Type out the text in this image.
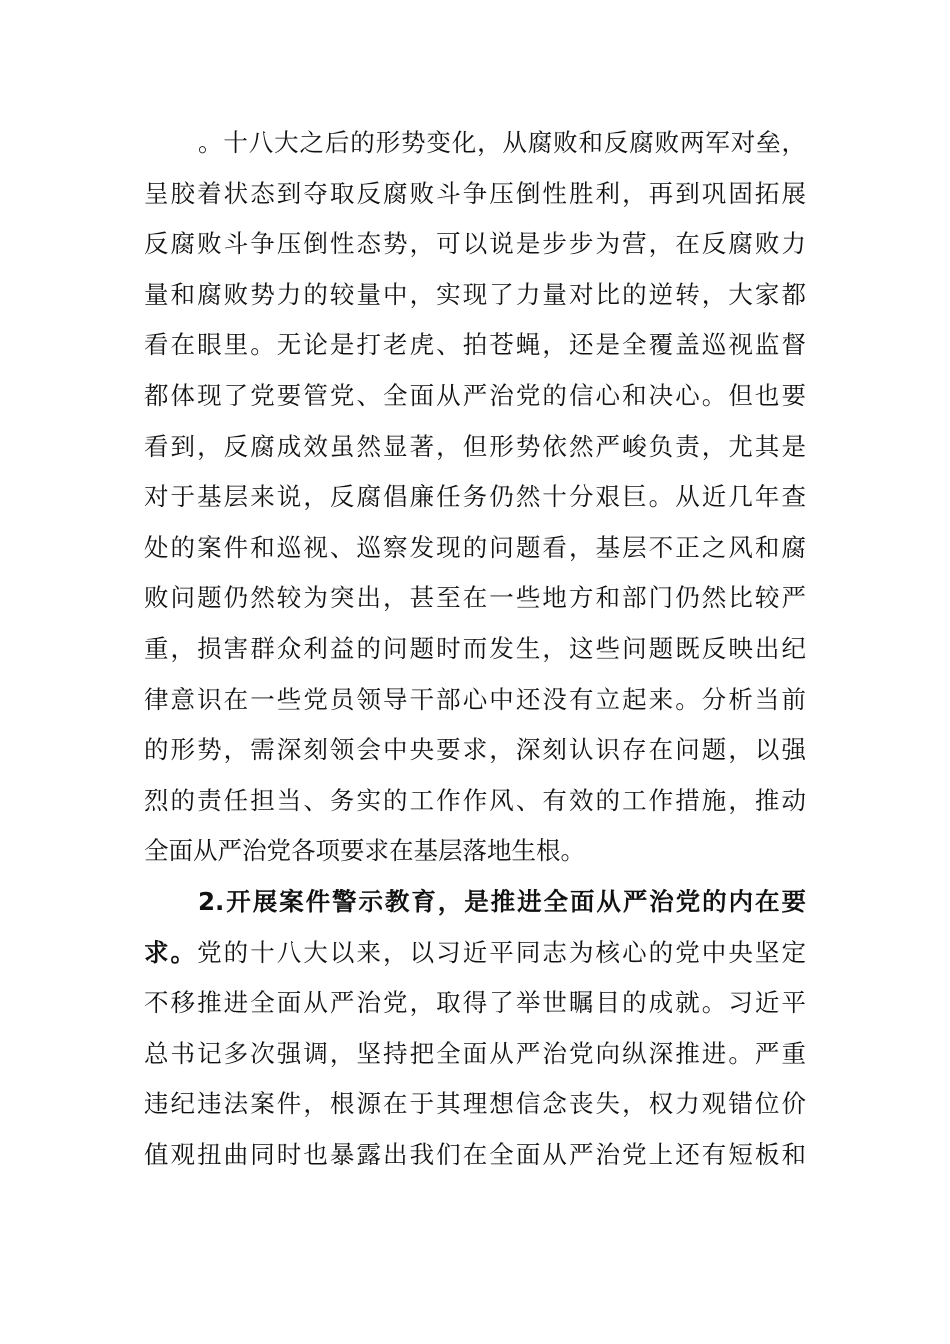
。十八大之后的形势变化，从腐败和反腐败两军对垒，
呈胶着状态到夺取反腐败斗争压倒性胜利，再到巩固拓展
反腐败斗争压倒性态势，可以说是步步为营，在反腐败力
量和腐败势力的较量中，实现了力量对比的逆转，大家都
看在眼里。无论是打老虎、拍苍蝇，还是全覆盖巡视监督
都体现了党要管党、全面从严治党的信心和决心。但也要
看到，反腐成效虽然显著，但形势依然严峻负责，尤其是
对于基层来说，反腐倡廉任务仍然十分艰巨。从近几年查
处的案件和巡视、巡察发现的问题看，基层不正之风和腐
败问题仍然较为突出，甚至在一些地方和部门仍然比较严
重，损害群众利益的问题时而发生，这些问题既反映出纪
律意识在一些党员领导干部心中还没有立起来。分析当前
的形势，需深刻领会中央要求，深刻认识存在问题，以强
烈的责任担当、务实的工作作风、有效的工作措施，推动
全面从严治党各项要求在基层落地生根。
2.开展案件警示教育，是推进全面从严治党的内在要
求。党的十八大以来，以习近平同志为核心的党中央坚定
不移推进全面从严治党，取得了举世瞩目的成就。习近平
总书记多次强调，坚持把全面从严治党向纵深推进。严重
违纪违法案件，根源在于其理想信念丧失，权力观错位价
值观扭曲同时也暴露出我们在全面从严治党上还有短板和
